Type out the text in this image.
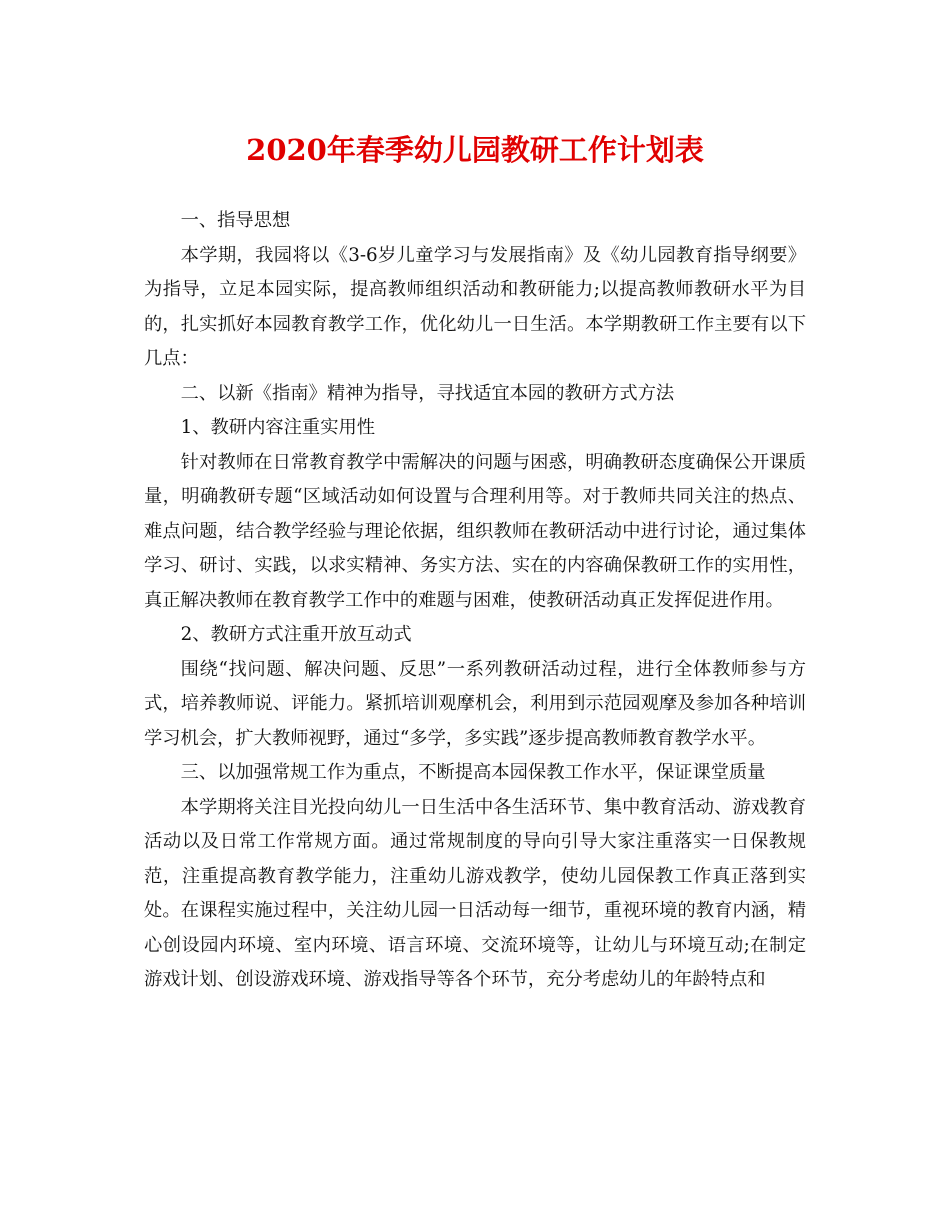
2020年春季幼儿园教研工作计划表

一、指导思想

本学期，我园将以《3-6岁儿童学习与发展指南》及《幼儿园教育指导纲要》为指导，立足本园实际，提高教师组织活动和教研能力;以提高教师教研水平为目的，扎实抓好本园教育教学工作，优化幼儿一日生活。本学期教研工作主要有以下几点：

二、以新《指南》精神为指导，寻找适宜本园的教研方式方法

1、教研内容注重实用性

针对教师在日常教育教学中需解决的问题与困惑，明确教研态度确保公开课质量，明确教研专题“区域活动如何设置与合理利用等。对于教师共同关注的热点、难点问题，结合教学经验与理论依据，组织教师在教研活动中进行讨论，通过集体学习、研讨、实践，以求实精神、务实方法、实在的内容确保教研工作的实用性，真正解决教师在教育教学工作中的难题与困难，使教研活动真正发挥促进作用。

2、教研方式注重开放互动式

围绕“找问题、解决问题、反思”一系列教研活动过程，进行全体教师参与方式，培养教师说、评能力。紧抓培训观摩机会，利用到示范园观摩及参加各种培训学习机会，扩大教师视野，通过“多学，多实践”逐步提高教师教育教学水平。

三、以加强常规工作为重点，不断提高本园保教工作水平，保证课堂质量

本学期将关注目光投向幼儿一日生活中各生活环节、集中教育活动、游戏教育活动以及日常工作常规方面。通过常规制度的导向引导大家注重落实一日保教规范，注重提高教育教学能力，注重幼儿游戏教学，使幼儿园保教工作真正落到实处。在课程实施过程中，关注幼儿园一日活动每一细节，重视环境的教育内涵，精心创设园内环境、室内环境、语言环境、交流环境等，让幼儿与环境互动;在制定游戏计划、创设游戏环境、游戏指导等各个环节，充分考虑幼儿的年龄特点和
